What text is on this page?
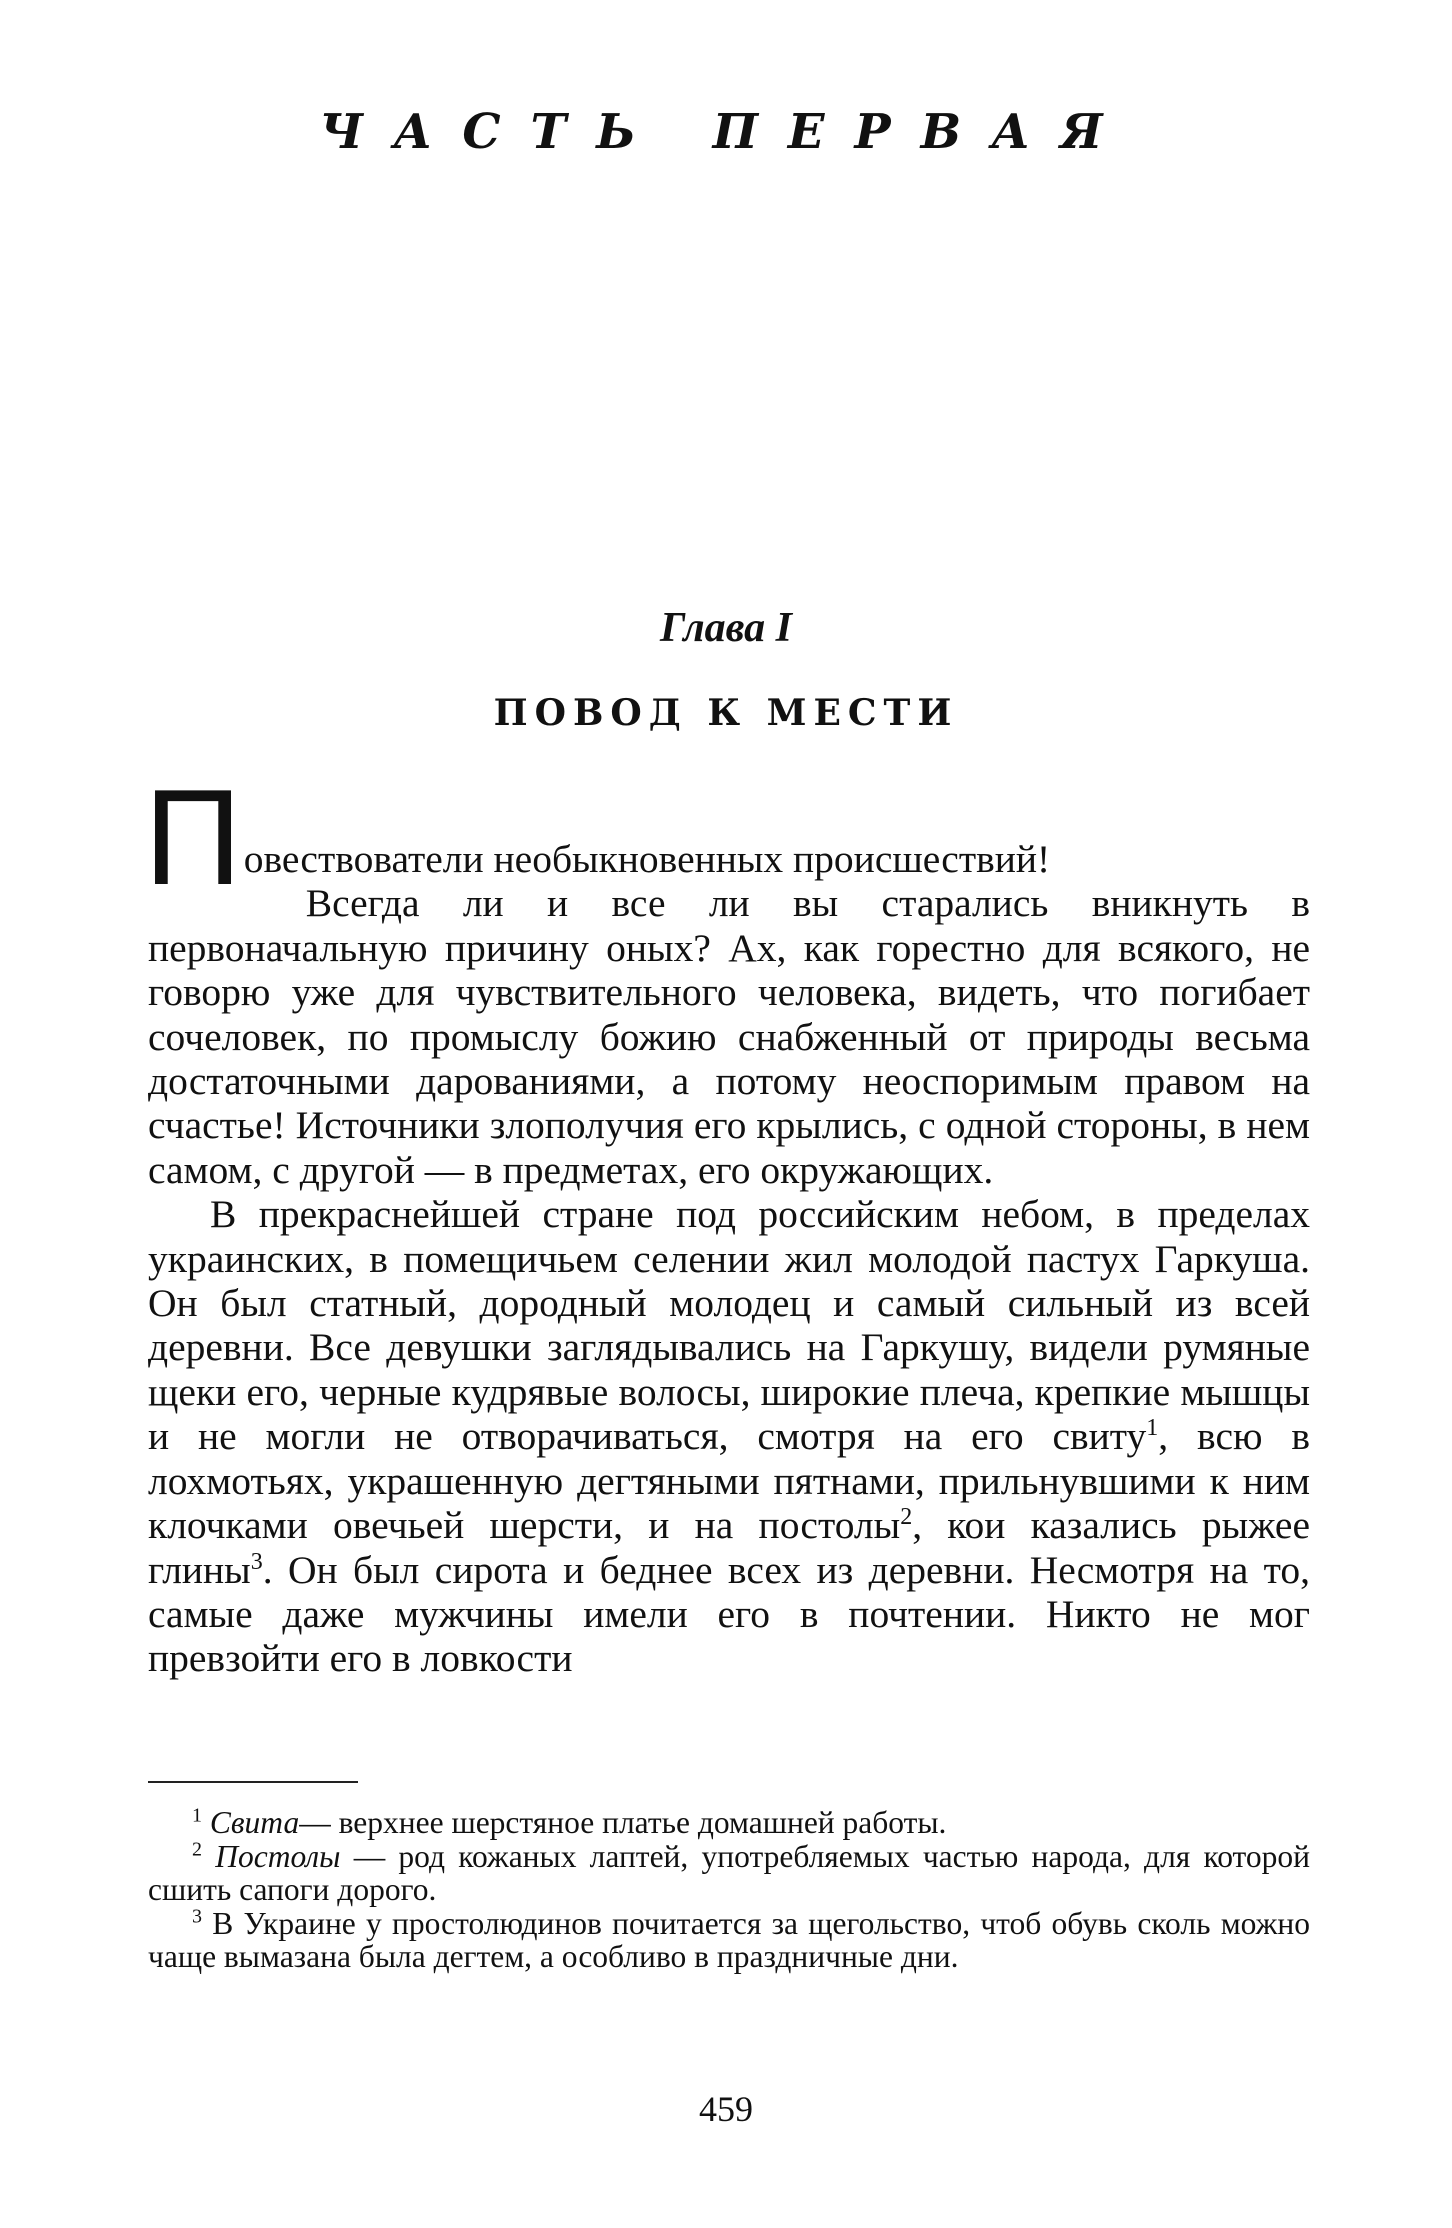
ЧАСТЬ ПЕРВАЯ
Глава I
ПОВОД К МЕСТИ

П овествователи необыкновенных происшествий!
Всегда ли и все ли вы старались вникнуть в первоначальную причину оных? Ах, как горестно для всякого, не говорю уже для чувствительного человека, видеть, что погибает сочеловек, по промыслу божию снабженный от природы весьма достаточными дарованиями, а потому неоспоримым правом на счастье! Источники злополучия его крылись, с одной стороны, в нем самом, с другой — в предметах, его окружающих.

В прекраснейшей стране под российским небом, в пределах украинских, в помещичьем селении жил молодой пастух Гаркуша. Он был статный, дородный молодец и самый сильный из всей деревни. Все девушки заглядывались на Гаркушу, видели румяные щеки его, черные кудрявые волосы, широкие плеча, крепкие мышцы и не могли не отворачиваться, смотря на его свиту$^1$, всю в лохмотьях, украшенную дегтяными пятнами, прильнувшими к ним клочками овечьей шерсти, и на постолы$^2$, кои казались рыжее глины$^3$. Он был сирота и беднее всех из деревни. Несмотря на то, самые даже мужчины имели его в почтении. Никто не мог превзойти его в ловкости

$^1$ Свита— верхнее шерстяное платье домашней работы.

$^2$ Постолы — род кожаных лаптей, употребляемых частью народа, для которой сшить сапоги дорого.

$^3$ В Украине у простолюдинов почитается за щегольство, чтоб обувь сколь можно чаще вымазана была дегтем, а особливо в праздничные дни.

459
